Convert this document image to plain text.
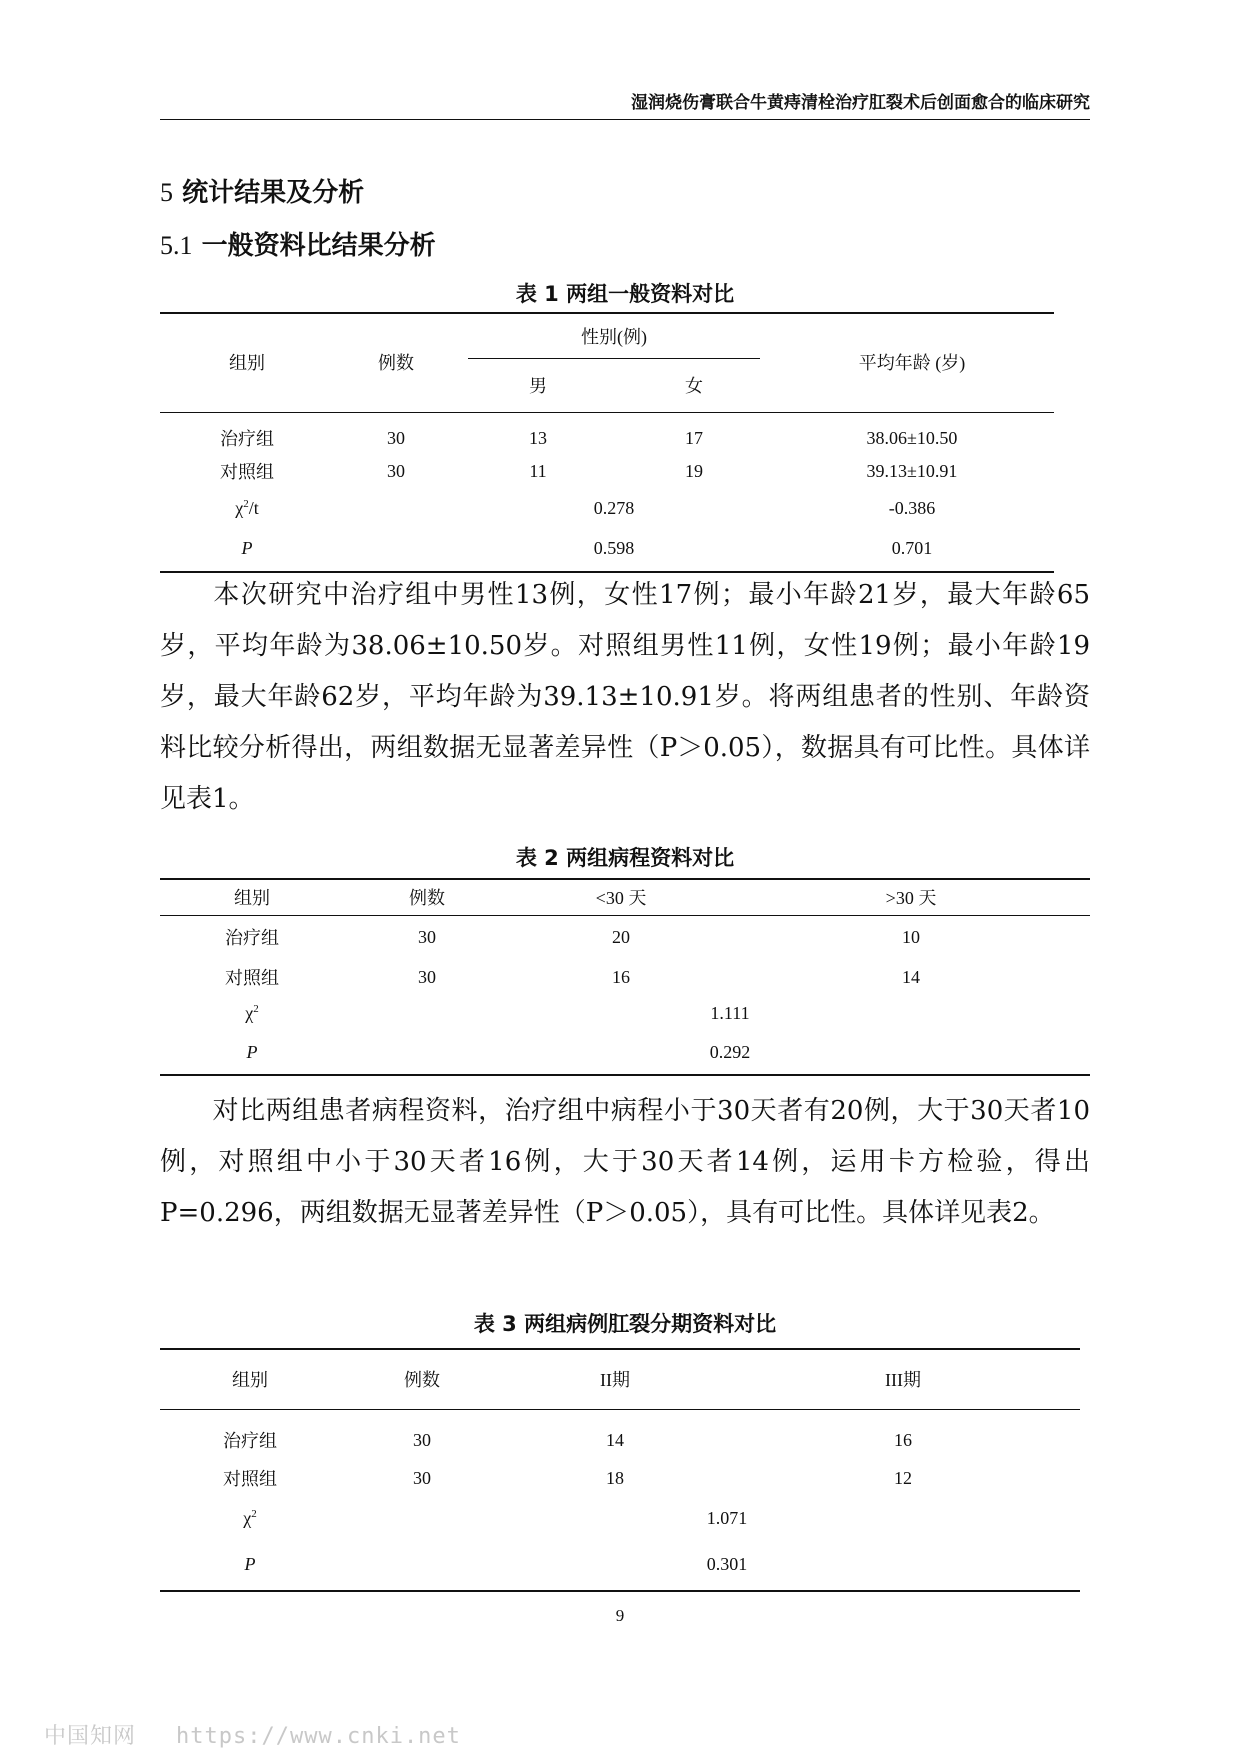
湿润烧伤膏联合牛黄痔清栓治疗肛裂术后创面愈合的临床研究
5 统计结果及分析
5.1 一般资料比结果分析
表 1 两组一般资料对比
组别	例数	性别(例)		平均年龄 (岁)
		男	女	

治疗组	30	13	17	38.06±10.50
对照组	30	11	19	39.13±10.91
$\chi^2/t$		0.278		-0.386
P		0.598		0.701

本次研究中治疗组中男性13例，女性17例；最小年龄21岁，最大年龄65岁，平均年龄为38.06±10.50岁。对照组男性11例，女性19例；最小年龄19岁，最大年龄62岁，平均年龄为39.13±10.91岁。将两组患者的性别、年龄资料比较分析得出，两组数据无显著差异性（P＞0.05），数据具有可比性。具体详见表1。

表 2 两组病程资料对比
组别	例数	<30 天	>30 天
治疗组	30	20	10
对照组	30	16	14
$\chi^2$		1.111	
P		0.292	

对比两组患者病程资料，治疗组中病程小于30天者有20例，大于30天者10例，对照组中小于30天者16例，大于30天者14例，运用卡方检验，得出P=0.296，两组数据无显著差异性（P＞0.05），具有可比性。具体详见表2。

表 3 两组病例肛裂分期资料对比
组别	例数	II期	III期
治疗组	30	14	16
对照组	30	18	12
$\chi^2$		1.071	
P		0.301	
9
中国知网 https://www.cnki.net
